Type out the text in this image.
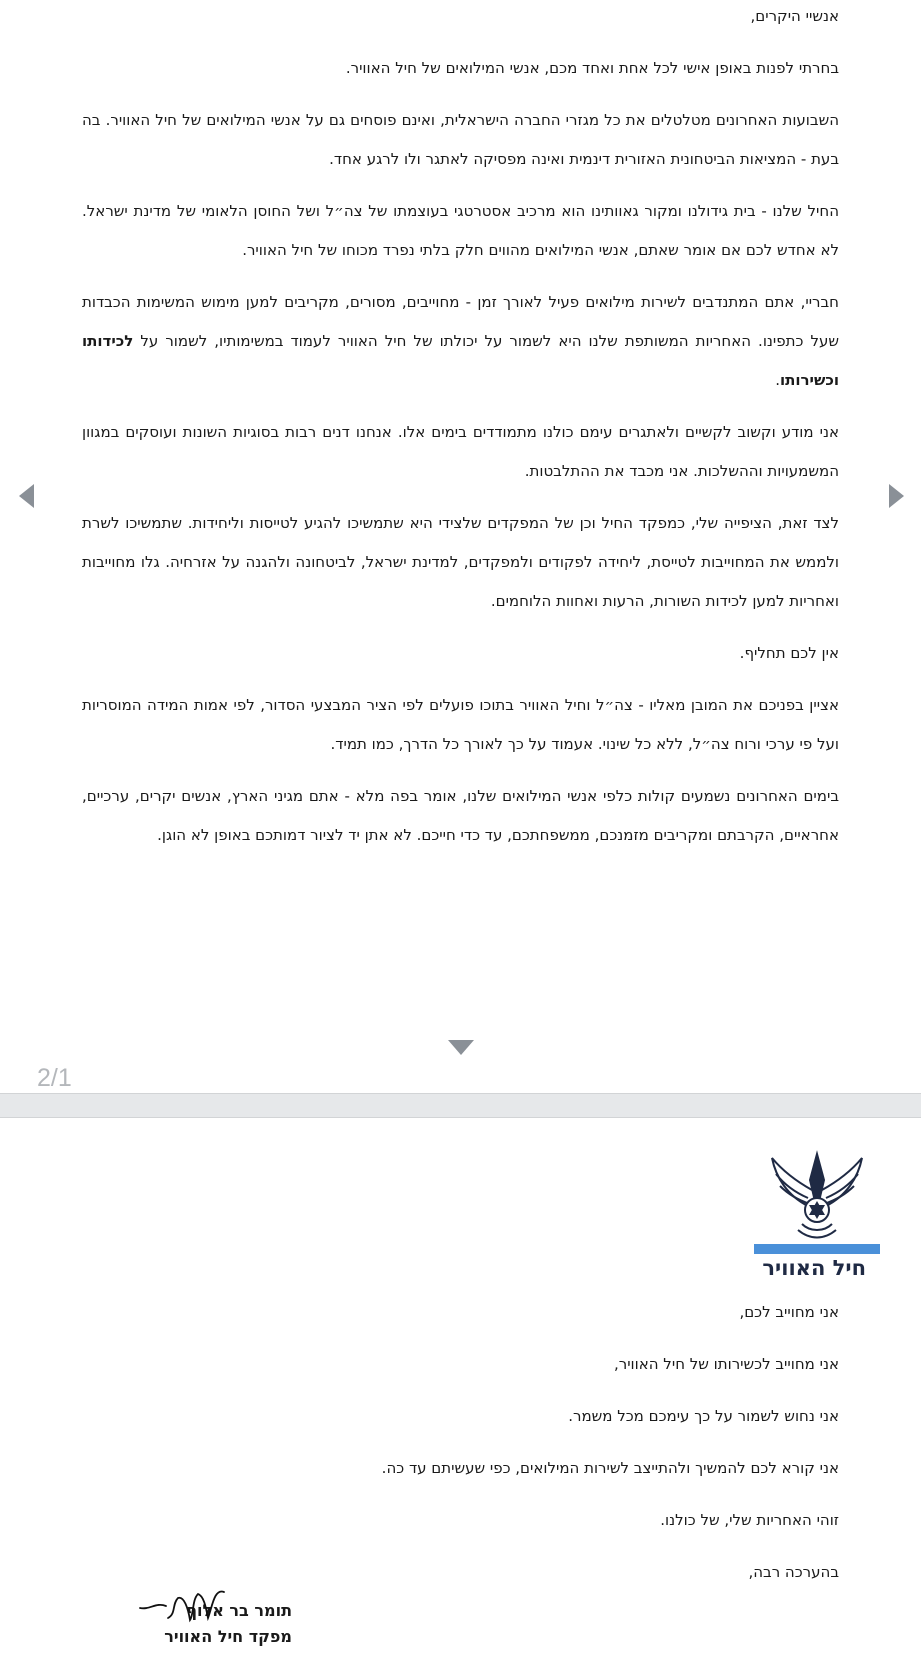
אנשיי היקרים,

בחרתי לפנות באופן אישי לכל אחת ואחד מכם, אנשי המילואים של חיל האוויר.

השבועות האחרונים מטלטלים את כל מגזרי החברה הישראלית, ואינם פוסחים גם על אנשי המילואים של חיל האוויר. בה בעת - המציאות הביטחונית האזורית דינמית ואינה מפסיקה לאתגר ולו לרגע אחד.

החיל שלנו - בית גידולנו ומקור גאוותינו הוא מרכיב אסטרטגי בעוצמתו של צה״ל ושל החוסן הלאומי של מדינת ישראל. לא אחדש לכם אם אומר שאתם, אנשי המילואים מהווים חלק בלתי נפרד מכוחו של חיל האוויר.

חבריי, אתם המתנדבים לשירות מילואים פעיל לאורך זמן - מחוייבים, מסורים, מקריבים למען מימוש המשימות הכבדות שעל כתפינו. האחריות המשותפת שלנו היא לשמור על יכולתו של חיל האוויר לעמוד במשימותיו, לשמור על לכידותו וכשירותו.

אני מודע וקשוב לקשיים ולאתגרים עימם כולנו מתמודדים בימים אלו. אנחנו דנים רבות בסוגיות השונות ועוסקים במגוון המשמעויות וההשלכות. אני מכבד את ההתלבטות.

לצד זאת, הציפייה שלי, כמפקד החיל וכן של המפקדים שלצידי היא שתמשיכו להגיע לטייסות וליחידות. שתמשיכו לשרת ולממש את המחוייבות לטייסת, ליחידה לפקודים ולמפקדים, למדינת ישראל, לביטחונה ולהגנה על אזרחיה. גלו מחוייבות ואחריות למען לכידות השורות, הרעות ואחוות הלוחמים.

אין לכם תחליף.

אציין בפניכם את המובן מאליו - צה״ל וחיל האוויר בתוכו פועלים לפי הציר המבצעי הסדור, לפי אמות המידה המוסריות ועל פי ערכי ורוח צה״ל, ללא כל שינוי. אעמוד על כך לאורך כל הדרך, כמו תמיד.

בימים האחרונים נשמעים קולות כלפי אנשי המילואים שלנו, אומר בפה מלא - אתם מגיני הארץ, אנשים יקרים, ערכיים, אחראיים, הקרבתם ומקריבים מזמנכם, ממשפחתכם, עד כדי חייכם. לא אתן יד לציור דמותכם באופן לא הוגן.

2/1
חיל האוויר

אני מחוייב לכם,

אני מחוייב לכשירותו של חיל האוויר,

אני נחוש לשמור על כך עימכם מכל משמר.

אני קורא לכם להמשיך ולהתייצב לשירות המילואים, כפי שעשיתם עד כה.

זוהי האחריות שלי, של כולנו.

בהערכה רבה,

תומר בר אלוף
מפקד חיל האוויר
